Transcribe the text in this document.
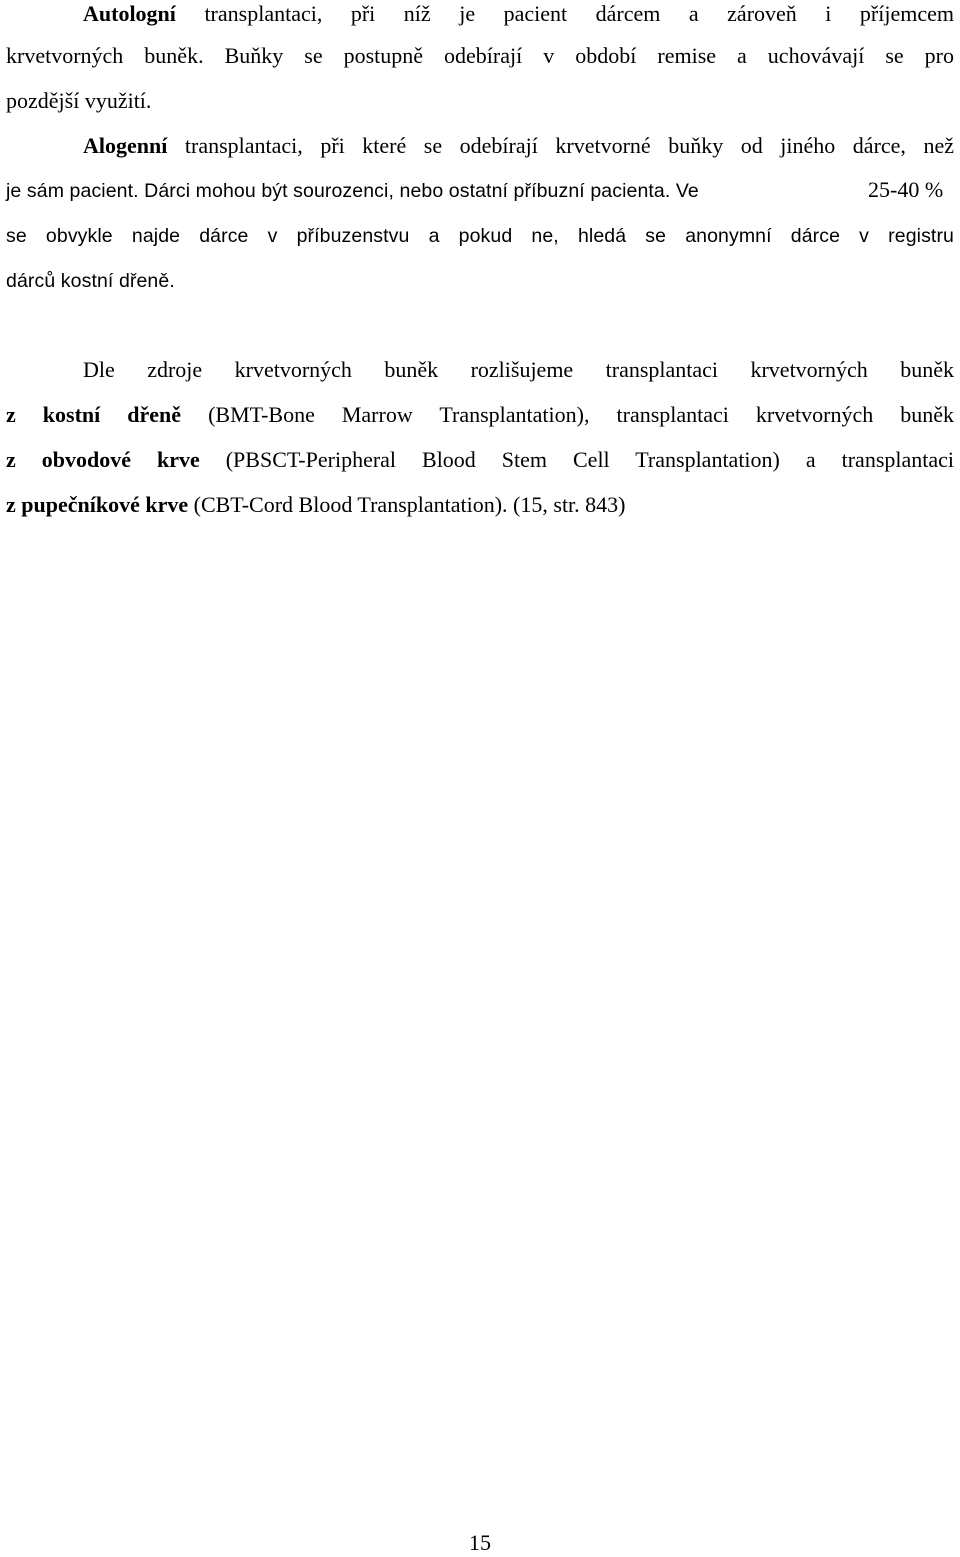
Autologní transplantaci, při níž je pacient dárcem a zároveň i příjemcem
krvetvorných buněk. Buňky se postupně odebírají v období remise a uchovávají se pro
pozdější využití.
Alogenní transplantaci, při které se odebírají krvetvorné buňky od jiného dárce, než
je sám pacient. Dárci mohou být sourozenci, nebo ostatní příbuzní pacienta. Ve	25-40 %
se obvykle najde dárce v příbuzenstvu a pokud ne, hledá se anonymní dárce v registru
dárců kostní dřeně.
Dle zdroje krvetvorných buněk rozlišujeme transplantaci krvetvorných buněk
z kostní dřeně (BMT-Bone Marrow Transplantation), transplantaci krvetvorných buněk
z obvodové krve (PBSCT-Peripheral Blood Stem Cell Transplantation) a transplantaci
z pupečníkové krve (CBT-Cord Blood Transplantation). (15, str. 843)
15
